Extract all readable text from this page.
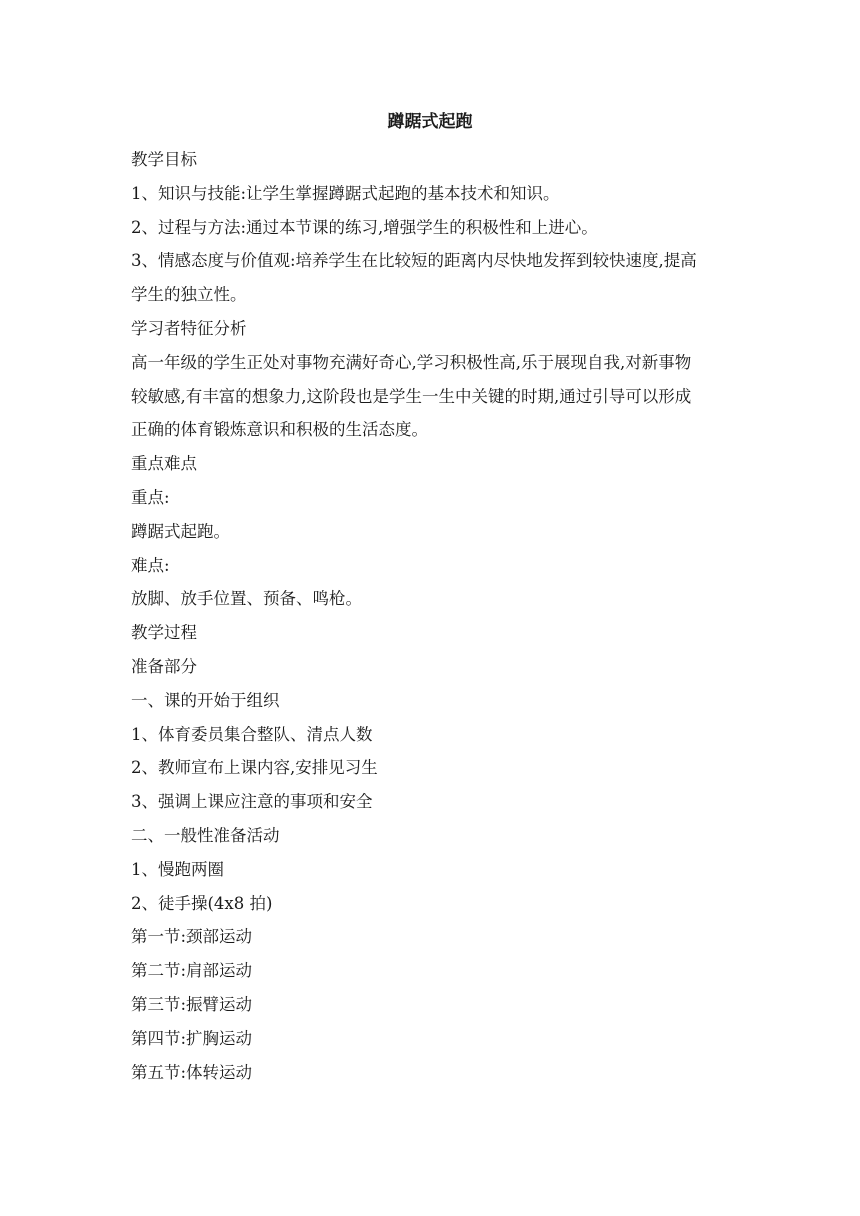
蹲踞式起跑

教学目标

1、知识与技能:让学生掌握蹲踞式起跑的基本技术和知识。

2、过程与方法:通过本节课的练习,增强学生的积极性和上进心。

3、情感态度与价值观:培养学生在比较短的距离内尽快地发挥到较快速度,提高

学生的独立性。

学习者特征分析

高一年级的学生正处对事物充满好奇心,学习积极性高,乐于展现自我,对新事物

较敏感,有丰富的想象力,这阶段也是学生一生中关键的时期,通过引导可以形成

正确的体育锻炼意识和积极的生活态度。

重点难点

重点:

蹲踞式起跑。

难点:

放脚、放手位置、预备、鸣枪。

教学过程

准备部分

一、课的开始于组织

1、体育委员集合整队、清点人数

2、教师宣布上课内容,安排见习生

3、强调上课应注意的事项和安全

二、一般性准备活动

1、慢跑两圈

2、徒手操(4x8 拍)

第一节:颈部运动

第二节:肩部运动

第三节:振臂运动

第四节:扩胸运动

第五节:体转运动
